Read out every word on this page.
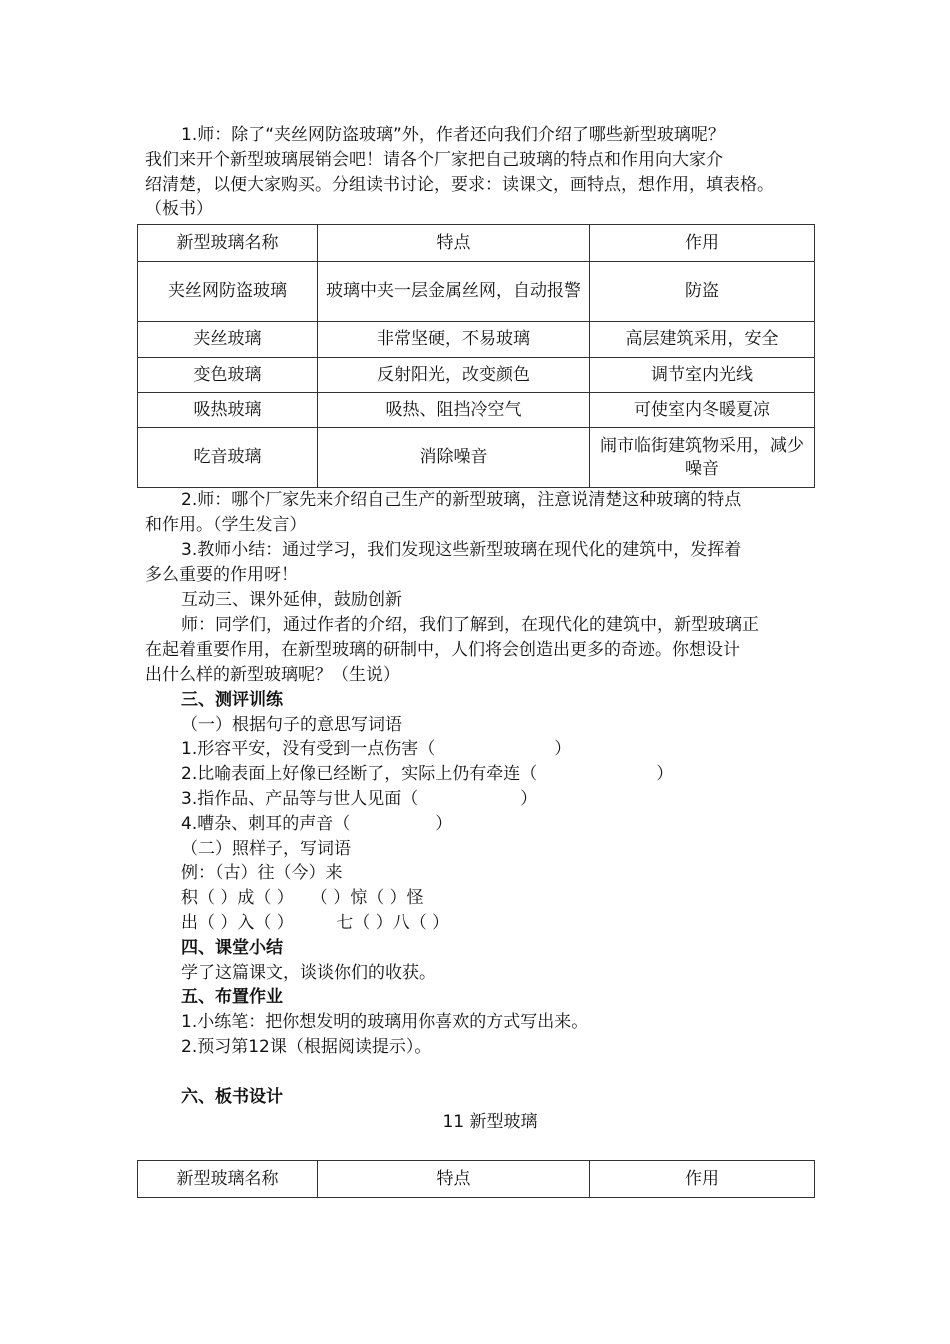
1.师：除了“夹丝网防盗玻璃”外，作者还向我们介绍了哪些新型玻璃呢？
我们来开个新型玻璃展销会吧！请各个厂家把自己玻璃的特点和作用向大家介
绍清楚，以便大家购买。分组读书讨论，要求：读课文，画特点，想作用，填表格。
（板书）
新型玻璃名称	特点	作用
夹丝网防盗玻璃	玻璃中夹一层金属丝网，自动报警	防盗
夹丝玻璃	非常坚硬，不易玻璃	高层建筑采用，安全
变色玻璃	反射阳光，改变颜色	调节室内光线
吸热玻璃	吸热、阻挡冷空气	可使室内冬暖夏凉
吃音玻璃	消除噪音	闹市临街建筑物采用，减少噪音
2.师：哪个厂家先来介绍自己生产的新型玻璃，注意说清楚这种玻璃的特点
和作用。（学生发言）
3.教师小结：通过学习，我们发现这些新型玻璃在现代化的建筑中，发挥着
多么重要的作用呀！
互动三、课外延伸，鼓励创新
师：同学们，通过作者的介绍，我们了解到，在现代化的建筑中，新型玻璃正
在起着重要作用，在新型玻璃的研制中，人们将会创造出更多的奇迹。你想设计
出什么样的新型玻璃呢？（生说）
三、测评训练
（一）根据句子的意思写词语
1.形容平安，没有受到一点伤害（　　　　　　　）
2.比喻表面上好像已经断了，实际上仍有牵连（　　　　　　　）
3.指作品、产品等与世人见面（　　　　　　）
4.嘈杂、刺耳的声音（　　　　　）
（二）照样子，写词语
例：（古）往（今）来
积（ ）成（ ）　　（ ）惊（ ）怪
出（ ）入（ ）　　　七（ ）八（ ）
四、课堂小结
学了这篇课文，谈谈你们的收获。
五、布置作业
1.小练笔：把你想发明的玻璃用你喜欢的方式写出来。
2.预习第12课（根据阅读提示）。
六、板书设计
11 新型玻璃
新型玻璃名称	特点	作用
